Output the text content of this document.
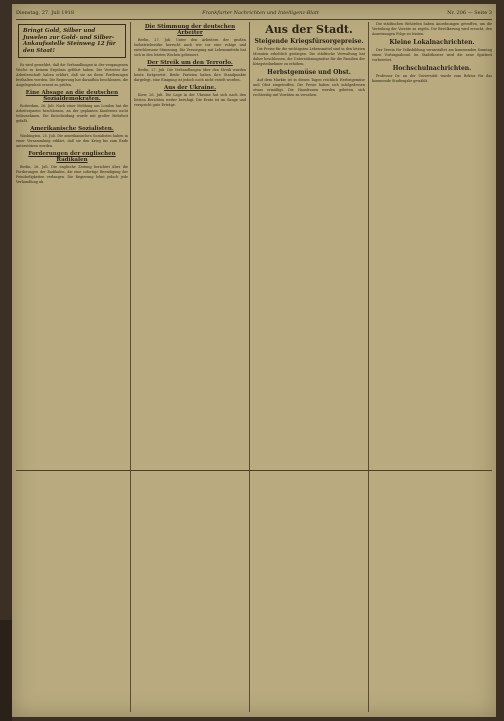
Dienstag, 27. Juli 1918	Frankfurter Nachrichten und Intelligenz-Blatt	Nr. 206 — Seite 3
Bringt Gold, Silber und Juwelen zur Gold- und Silber-Ankaufsstelle Steinweg 12 für den Staat!

Es wird gemeldet, daß die Verhandlungen in der vergangenen Woche zu keinem Ergebnis geführt haben. Die Vertreter der Arbeiterschaft haben erklärt, daß sie an ihren Forderungen festhalten werden. Die Regierung hat daraufhin beschlossen, die Angelegenheit erneut zu prüfen.

Eine Absage an die deutschen Sozialdemokraten.

Rotterdam, 26. Juli. Nach einer Meldung aus London hat die Arbeiterpartei beschlossen, an der geplanten Konferenz nicht teilzunehmen. Die Entscheidung wurde mit großer Mehrheit gefaßt.

Amerikanische Sozialisten.

Washington, 25. Juli. Die amerikanischen Sozialisten haben in einer Versammlung erklärt, daß sie den Krieg bis zum Ende unterstützen werden.

Forderungen der englischen Radikalen

Berlin, 26. Juli. Die englische Zeitung berichtet über die Forderungen der Radikalen, die eine sofortige Beendigung der Feindseligkeiten verlangen. Die Regierung lehnt jedoch jede Verhandlung ab.

Die Stimmung der deutschen Arbeiter

Berlin, 27. Juli. Unter den Arbeitern der großen Industriebezirke herrscht nach wie vor eine ruhige und entschlossene Stimmung. Die Versorgung mit Lebensmitteln hat sich in den letzten Wochen gebessert.

Der Streik um den Terrorlo.

Berlin, 27. Juli. Die Verhandlungen über den Streik wurden heute fortgesetzt. Beide Parteien haben ihre Standpunkte dargelegt, eine Einigung ist jedoch noch nicht erzielt worden.

Aus der Ukraine.

Kiew, 26. Juli. Die Lage in der Ukraine hat sich nach den letzten Berichten weiter beruhigt. Die Ernte ist im Gange und verspricht gute Erträge.

Aus der Stadt.
Steigende Kriegsfürsorgepreise.

Die Preise für die wichtigsten Lebensmittel sind in den letzten Monaten erheblich gestiegen. Die städtische Verwaltung hat daher beschlossen, die Unterstützungssätze für die Familien der Kriegsteilnehmer zu erhöhen.

Herbstgemüse und Obst.

Auf dem Markte ist in diesen Tagen reichlich Herbstgemüse und Obst eingetroffen. Die Preise haben sich infolgedessen etwas ermäßigt. Die Hausfrauen werden gebeten, sich rechtzeitig mit Vorräten zu versehen.

Die städtischen Behörden haben Anordnungen getroffen, um die Verteilung der Vorräte zu regeln. Die Bevölkerung wird ersucht, den Anweisungen Folge zu leisten.

Kleine Lokalnachrichten.

Der Verein für Volksbildung veranstaltet am kommenden Sonntag einen Vortragsabend. Im Stadttheater wird die neue Spielzeit vorbereitet.

Hochschulnachrichten.

Professor Dr. an der Universität wurde zum Rektor für das kommende Studienjahr gewählt.
